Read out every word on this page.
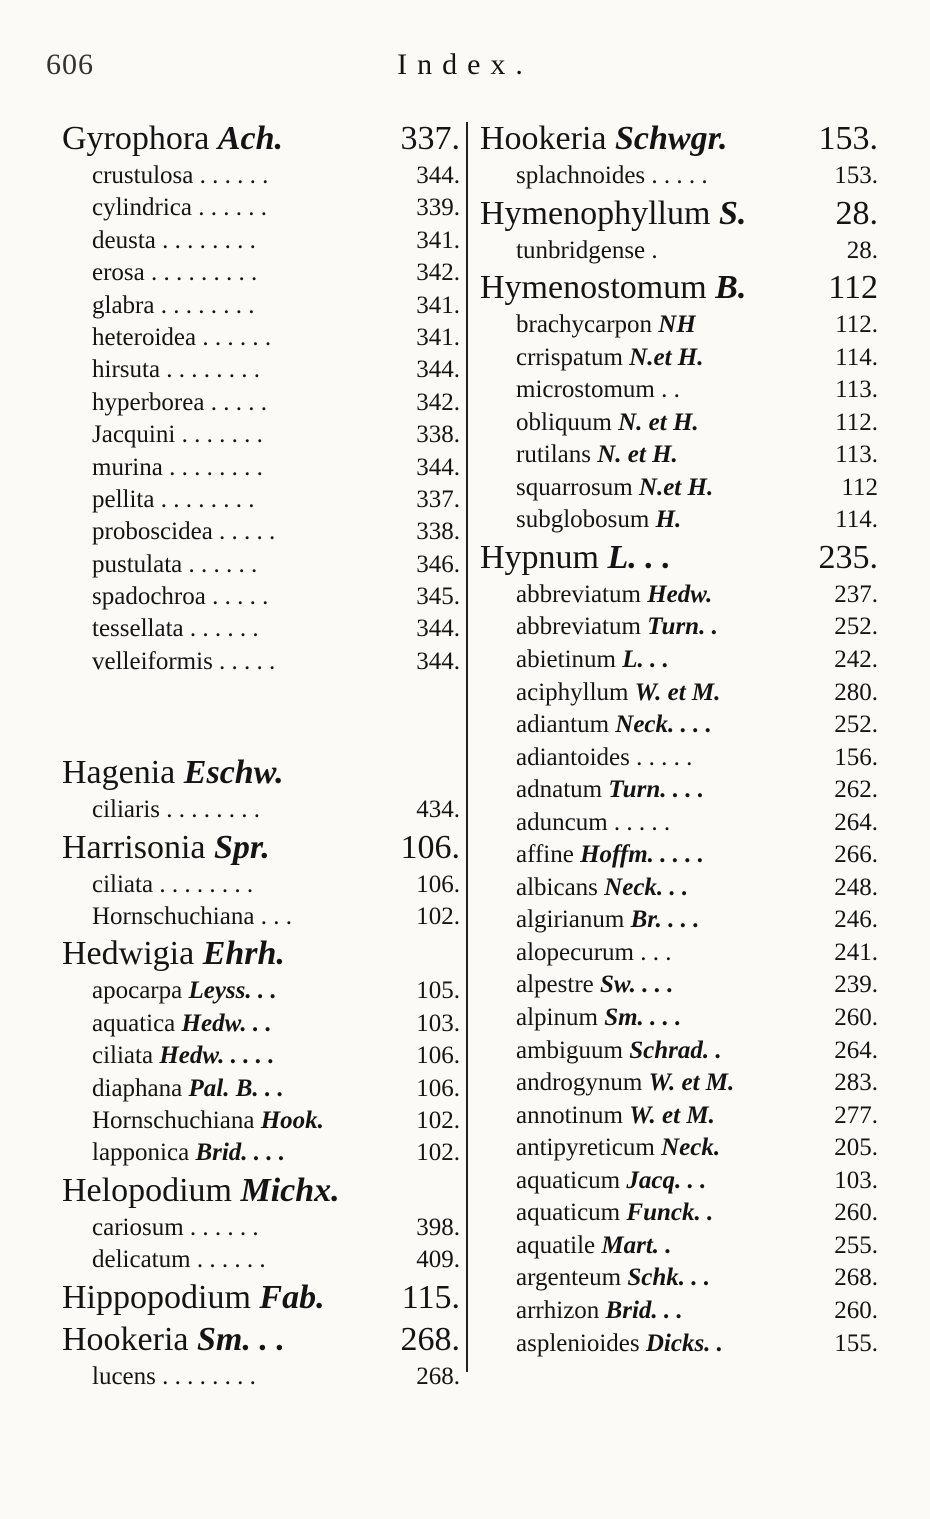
606	Index.
Gyrophora Ach.	337.
crustulosa . . . . . .	344.
cylindrica . . . . . .	339.
deusta . . . . . . . .	341.
erosa . . . . . . . . .	342.
glabra . . . . . . . .	341.
heteroidea . . . . . .	341.
hirsuta . . . . . . . .	344.
hyperborea . . . . .	342.
Jacquini . . . . . . .	338.
murina . . . . . . . .	344.
pellita . . . . . . . .	337.
proboscidea . . . . .	338.
pustulata . . . . . .	346.
spadochroa . . . . .	345.
tessellata . . . . . .	344.
velleiformis . . . . .	344.
Hagenia Eschw.
ciliaris . . . . . . . .	434.
Harrisonia Spr.	106.
ciliata . . . . . . . .	106.
Hornschuchiana . . .	102.
Hedwigia Ehrh.
apocarpa Leyss. . .	105.
aquatica Hedw. . .	103.
ciliata Hedw. . . . .	106.
diaphana Pal. B. . .	106.
Hornschuchiana Hook.	102.
lapponica Brid. . . .	102.
Helopodium Michx.
cariosum . . . . . .	398.
delicatum . . . . . .	409.
Hippopodium Fab. 115.
Hookeria Sm. . .	268.
lucens . . . . . . . .	268.
Hookeria Schwgr.	153.
splachnoides . . . . .	153.
Hymenophyllum S.	28.
tunbridgense .	28.
Hymenostomum B. 112
brachycarpon NH	112.
crrispatum N.et H.	114.
microstomum . .	113.
obliquum N. et H.	112.
rutilans N. et H.	113.
squarrosum N.et H.	112
subglobosum H.	114.
Hypnum L. . .	235.
abbreviatum Hedw.	237.
abbreviatum Turn. .	252.
abietinum L. . .	242.
aciphyllum W. et M.	280.
adiantum Neck. . . .	252.
adiantoides . . . . .	156.
adnatum Turn. . . .	262.
aduncum . . . . .	264.
affine Hoffm. . . . .	266.
albicans Neck. . .	248.
algirianum Br. . . .	246.
alopecurum . . .	241.
alpestre Sw. . . .	239.
alpinum Sm. . . .	260.
ambiguum Schrad. .	264.
androgynum W. et M.	283.
annotinum W. et M.	277.
antipyreticum Neck.	205.
aquaticum Jacq. . .	103.
aquaticum Funck. .	260.
aquatile Mart. .	255.
argenteum Schk. . .	268.
arrhizon Brid. . .	260.
asplenioides Dicks. .	155.
